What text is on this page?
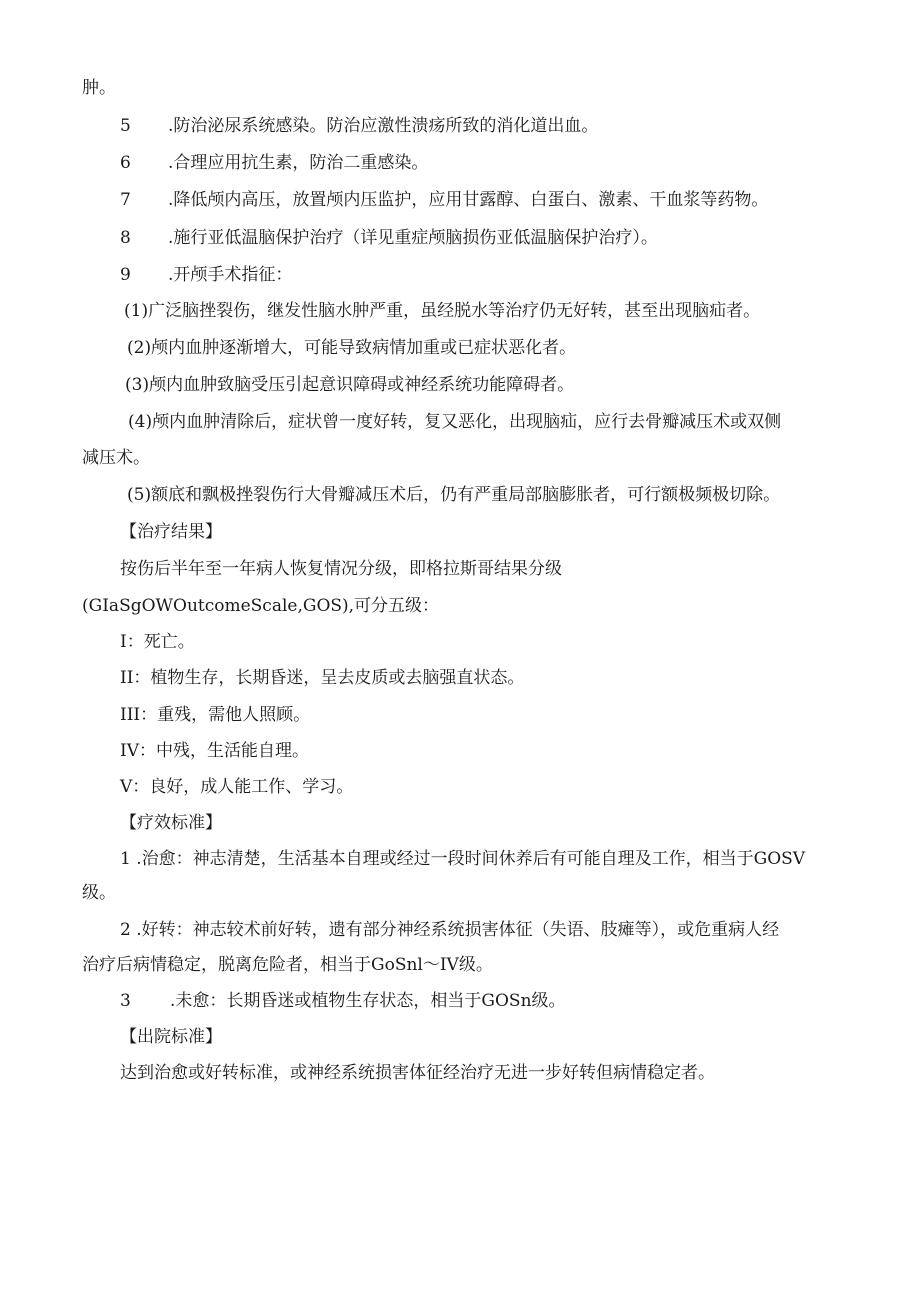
肿。
5 .防治泌尿系统感染。防治应激性溃疡所致的消化道出血。
6 .合理应用抗生素，防治二重感染。
7 .降低颅内高压，放置颅内压监护，应用甘露醇、白蛋白、激素、干血浆等药物。
8 .施行亚低温脑保护治疗（详见重症颅脑损伤亚低温脑保护治疗）。
9 .开颅手术指征：
(1)广泛脑挫裂伤，继发性脑水肿严重，虽经脱水等治疗仍无好转，甚至出现脑疝者。
(2)颅内血肿逐渐增大，可能导致病情加重或已症状恶化者。
(3)颅内血肿致脑受压引起意识障碍或神经系统功能障碍者。
(4)颅内血肿清除后，症状曾一度好转，复又恶化，出现脑疝，应行去骨瓣减压术或双侧
减压术。
(5)额底和飘极挫裂伤行大骨瓣减压术后，仍有严重局部脑膨胀者，可行额极频极切除。
【治疗结果】
按伤后半年至一年病人恢复情况分级，即格拉斯哥结果分级
(GIaSgOWOutcomeScale,GOS),可分五级：
I：死亡。
II：植物生存，长期昏迷，呈去皮质或去脑强直状态。
III：重残，需他人照顾。
IV：中残，生活能自理。
V：良好，成人能工作、学习。
【疗效标准】
1 .治愈：神志清楚，生活基本自理或经过一段时间休养后有可能自理及工作，相当于GOSV
级。
2 .好转：神志较术前好转，遗有部分神经系统损害体征（失语、肢瘫等），或危重病人经
治疗后病情稳定，脱离危险者，相当于GoSnl～IV级。
3 .未愈：长期昏迷或植物生存状态，相当于GOSn级。
【出院标准】
达到治愈或好转标准，或神经系统损害体征经治疗无进一步好转但病情稳定者。
